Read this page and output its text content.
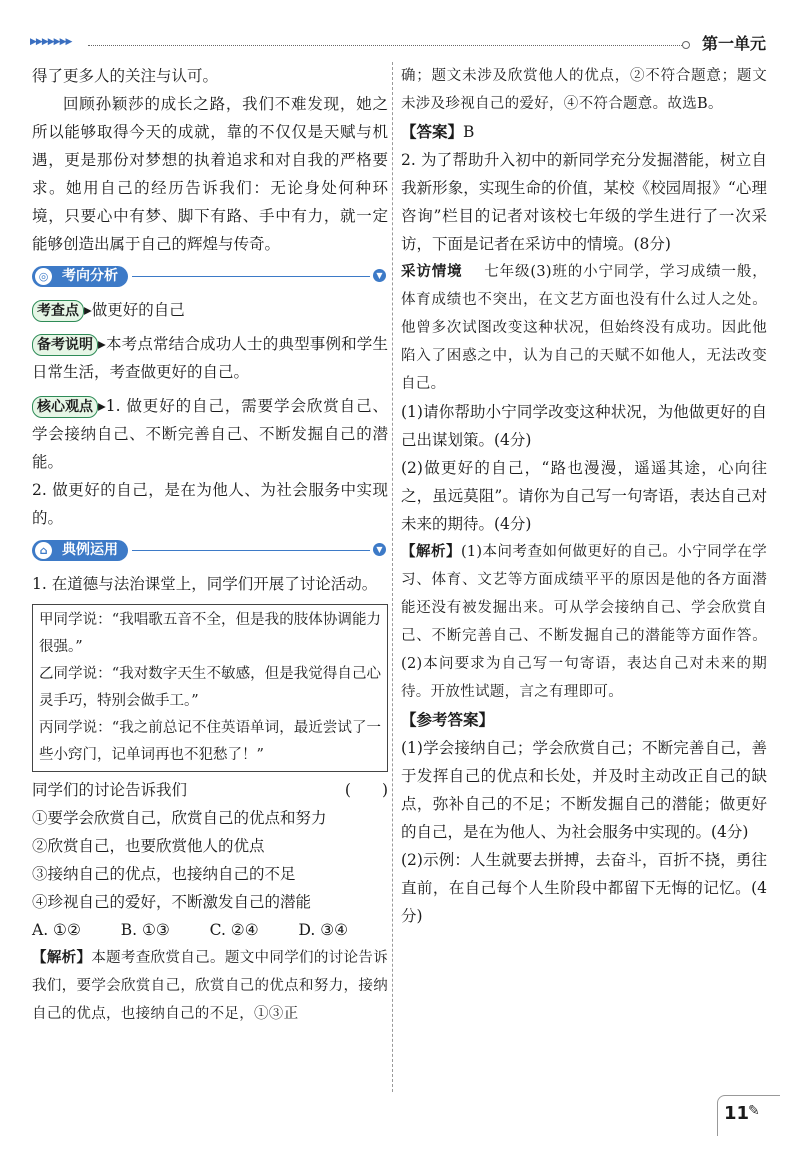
▶▶▶▶▶▶▶	第一单元

得了更多人的关注与认可。

回顾孙颖莎的成长之路，我们不难发现，她之所以能够取得今天的成就，靠的不仅仅是天赋与机遇，更是那份对梦想的执着追求和对自我的严格要求。她用自己的经历告诉我们：无论身处何种环境，只要心中有梦、脚下有路、手中有力，就一定能够创造出属于自己的辉煌与传奇。

◎ 考向分析	▼

考查点 ▸做更好的自己

备考说明 ▸本考点常结合成功人士的典型事例和学生日常生活，考查做更好的自己。

核心观点 ▸1. 做更好的自己，需要学会欣赏自己、学会接纳自己、不断完善自己、不断发掘自己的潜能。

2. 做更好的自己，是在为他人、为社会服务中实现的。

⌂	典例运用	▼

1. 在道德与法治课堂上，同学们开展了讨论活动。

甲同学说：“我唱歌五音不全，但是我的肢体协调能力很强。”

乙同学说：“我对数字天生不敏感，但是我觉得自己心灵手巧，特别会做手工。”

丙同学说：“我之前总记不住英语单词，最近尝试了一些小窍门，记单词再也不犯愁了！”

同学们的讨论告诉我们	(　　)

①要学会欣赏自己，欣赏自己的优点和努力

②欣赏自己，也要欣赏他人的优点

③接纳自己的优点，也接纳自己的不足

④珍视自己的爱好，不断激发自己的潜能

A. ①②	B. ①③	C. ②④	D. ③④

【解析】本题考查欣赏自己。题文中同学们的讨论告诉我们，要学会欣赏自己，欣赏自己的优点和努力，接纳自己的优点，也接纳自己的不足，①③正

确；题文未涉及欣赏他人的优点，②不符合题意；题文未涉及珍视自己的爱好，④不符合题意。故选B。

【答案】B

2. 为了帮助升入初中的新同学充分发掘潜能，树立自我新形象，实现生命的价值，某校《校园周报》“心理咨询”栏目的记者对该校七年级的学生进行了一次采访，下面是记者在采访中的情境。(8分)

采访情境 七年级(3)班的小宁同学，学习成绩一般，体育成绩也不突出，在文艺方面也没有什么过人之处。他曾多次试图改变这种状况，但始终没有成功。因此他陷入了困惑之中，认为自己的天赋不如他人，无法改变自己。

(1)请你帮助小宁同学改变这种状况，为他做更好的自己出谋划策。(4分)

(2)做更好的自己，“路也漫漫，遥遥其途，心向往之，虽远莫阻”。请你为自己写一句寄语，表达自己对未来的期待。(4分)

【解析】(1)本问考查如何做更好的自己。小宁同学在学习、体育、文艺等方面成绩平平的原因是他的各方面潜能还没有被发掘出来。可从学会接纳自己、学会欣赏自己、不断完善自己、不断发掘自己的潜能等方面作答。(2)本问要求为自己写一句寄语，表达自己对未来的期待。开放性试题，言之有理即可。

【参考答案】

(1)学会接纳自己；学会欣赏自己；不断完善自己，善于发挥自己的优点和长处，并及时主动改正自己的缺点，弥补自己的不足；不断发掘自己的潜能；做更好的自己，是在为他人、为社会服务中实现的。(4分)

(2)示例：人生就要去拼搏，去奋斗，百折不挠，勇往直前，在自己每个人生阶段中都留下无悔的记忆。(4分)

11
✎
